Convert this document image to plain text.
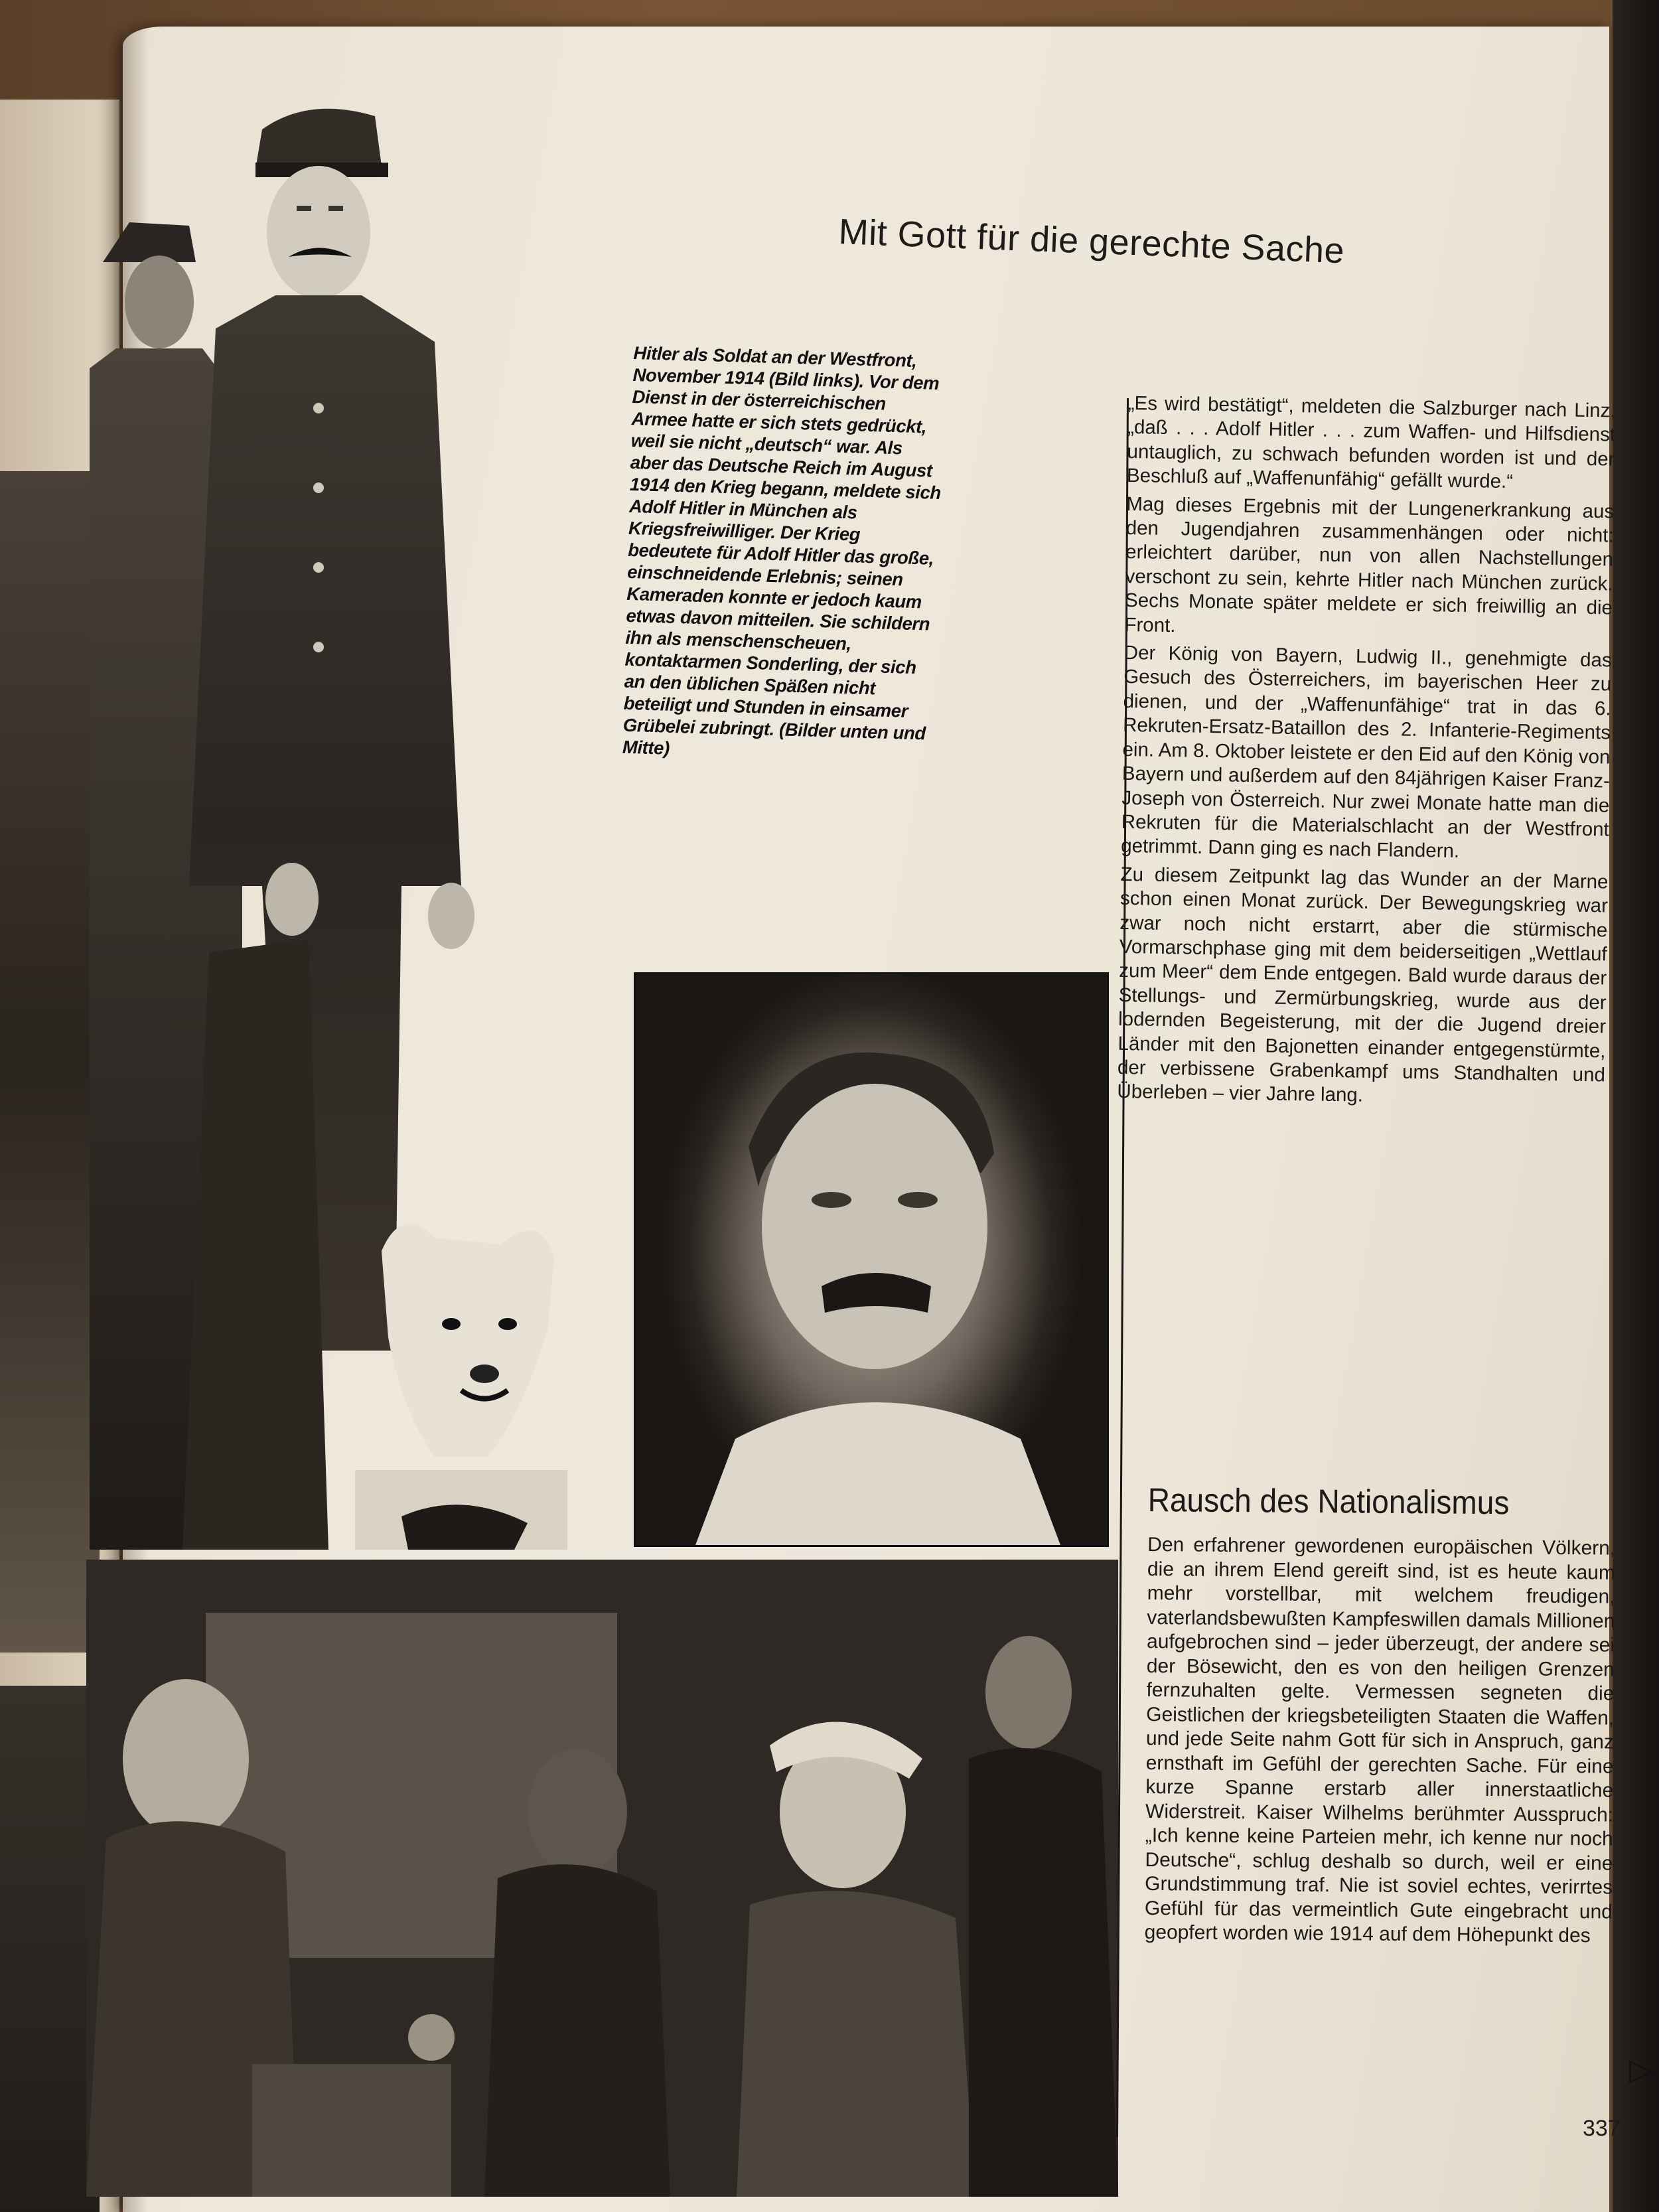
Mit Gott für die gerechte Sache
Hitler als Soldat an der Westfront, November 1914 (Bild links). Vor dem Dienst in der österreichischen Armee hatte er sich stets gedrückt, weil sie nicht „deutsch“ war. Als aber das Deutsche Reich im August 1914 den Krieg begann, meldete sich Adolf Hitler in München als Kriegsfreiwilliger. Der Krieg bedeutete für Adolf Hitler das große, einschneidende Erlebnis; seinen Kameraden konnte er jedoch kaum etwas davon mitteilen. Sie schildern ihn als menschenscheuen, kontaktarmen Sonderling, der sich an den üblichen Späßen nicht beteiligt und Stunden in einsamer Grübelei zubringt. (Bilder unten und Mitte)

„Es wird bestätigt“, meldeten die Salzburger nach Linz, „daß . . . Adolf Hitler . . . zum Waffen- und Hilfsdienst untauglich, zu schwach befunden worden ist und der Beschluß auf „Waffenunfähig“ gefällt wurde.“

Mag dieses Ergebnis mit der Lungenerkrankung aus den Jugendjahren zusammenhängen oder nicht: erleichtert darüber, nun von allen Nachstellungen verschont zu sein, kehrte Hitler nach München zurück. Sechs Monate später meldete er sich freiwillig an die Front.

Der König von Bayern, Ludwig II., genehmigte das Gesuch des Österreichers, im bayerischen Heer zu dienen, und der „Waffenunfähige“ trat in das 6. Rekruten-Ersatz-Bataillon des 2. Infanterie-Regiments ein. Am 8. Oktober leistete er den Eid auf den König von Bayern und außerdem auf den 84jährigen Kaiser Franz-Joseph von Österreich. Nur zwei Monate hatte man die Rekruten für die Materialschlacht an der Westfront getrimmt. Dann ging es nach Flandern.

Zu diesem Zeitpunkt lag das Wunder an der Marne schon einen Monat zurück. Der Bewegungskrieg war zwar noch nicht erstarrt, aber die stürmische Vormarschphase ging mit dem beiderseitigen „Wettlauf zum Meer“ dem Ende entgegen. Bald wurde daraus der Stellungs- und Zermürbungskrieg, wurde aus der lodernden Begeisterung, mit der die Jugend dreier Länder mit den Bajonetten einander entgegenstürmte, der verbissene Grabenkampf ums Standhalten und Überleben – vier Jahre lang.

Rausch des Nationalismus

Den erfahrener gewordenen europäischen Völkern, die an ihrem Elend gereift sind, ist es heute kaum mehr vorstellbar, mit welchem freudigen, vaterlandsbewußten Kampfeswillen damals Millionen aufgebrochen sind – jeder überzeugt, der andere sei der Bösewicht, den es von den heiligen Grenzen fernzuhalten gelte. Vermessen segneten die Geistlichen der kriegsbeteiligten Staaten die Waffen, und jede Seite nahm Gott für sich in Anspruch, ganz ernsthaft im Gefühl der gerechten Sache. Für eine kurze Spanne erstarb aller innerstaatliche Widerstreit. Kaiser Wilhelms berühmter Ausspruch: „Ich kenne keine Parteien mehr, ich kenne nur noch Deutsche“, schlug deshalb so durch, weil er eine Grundstimmung traf. Nie ist soviel echtes, verirrtes Gefühl für das vermeintlich Gute eingebracht und geopfert worden wie 1914 auf dem Höhepunkt des

▷
337
